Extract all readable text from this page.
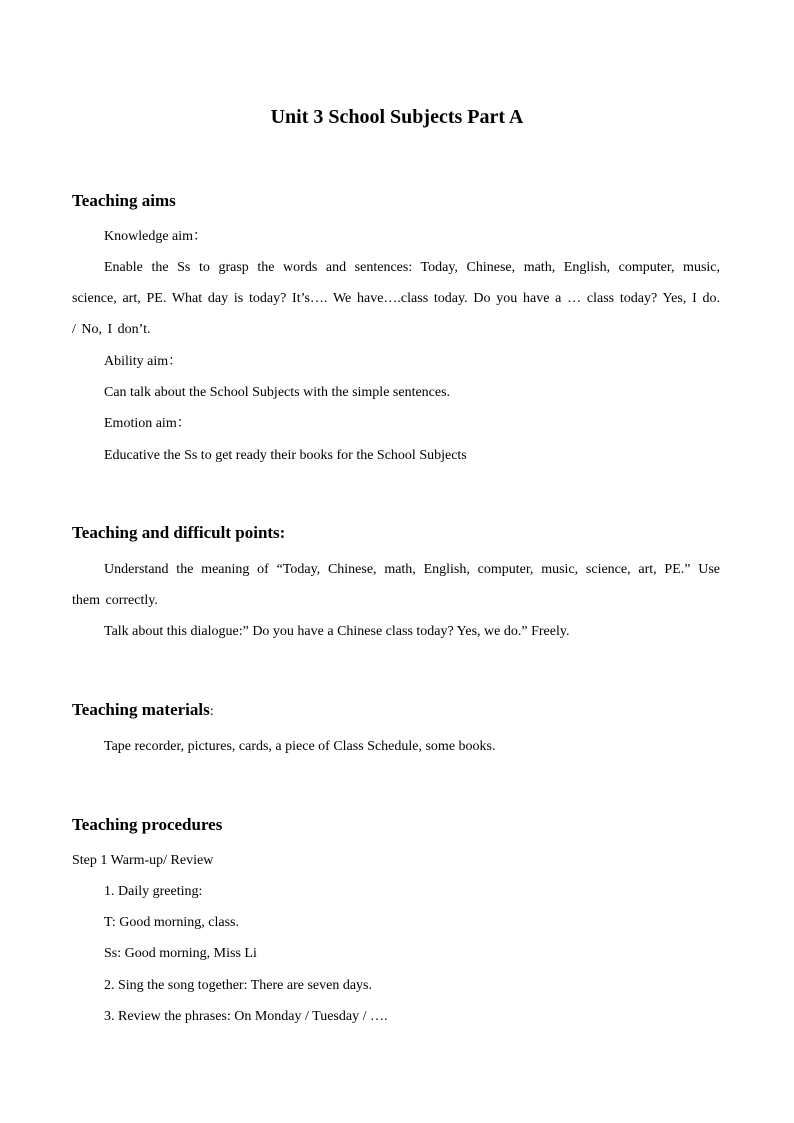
Unit 3 School Subjects Part A
Teaching aims
Knowledge aim：
Enable the Ss to grasp the words and sentences: Today, Chinese, math, English, computer, music, science, art, PE. What day is today? It’s…. We have….class today. Do you have a … class today? Yes, I do. / No, I don’t.
Ability aim：
Can talk about the School Subjects with the simple sentences.
Emotion aim：
Educative the Ss to get ready their books for the School Subjects
Teaching and difficult points:
Understand the meaning of “Today, Chinese, math, English, computer, music, science, art, PE.” Use them correctly.
Talk about this dialogue:” Do you have a Chinese class today? Yes, we do.” Freely.
Teaching materials:
Tape recorder, pictures, cards, a piece of Class Schedule, some books.
Teaching procedures
Step 1 Warm-up/ Review
1. Daily greeting:
T: Good morning, class.
Ss: Good morning, Miss Li
2. Sing the song together: There are seven days.
3. Review the phrases: On Monday / Tuesday / ….
